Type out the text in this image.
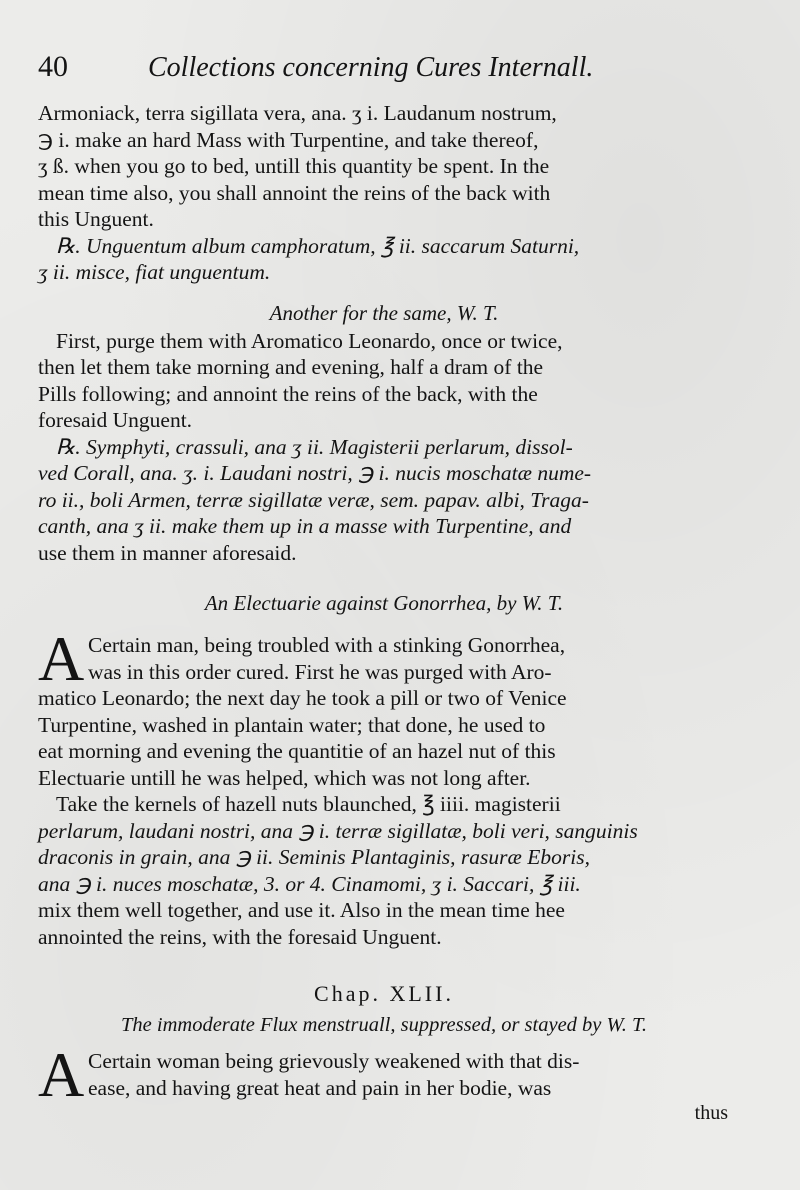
40	Collections concerning Cures Internall.
Armoniack, terra sigillata vera, ana. ʒ i. Laudanum nostrum,
℈ i. make an hard Mass with Turpentine, and take thereof,
ʒ ß. when you go to bed, untill this quantity be spent. In the
mean time also, you shall annoint the reins of the back with
this Unguent.
℞. Unguentum album camphoratum, ℥ ii. saccarum Saturni,
ʒ ii. misce, fiat unguentum.
Another for the same, W. T.
First, purge them with Aromatico Leonardo, once or twice,
then let them take morning and evening, half a dram of the
Pills following; and annoint the reins of the back, with the
foresaid Unguent.
℞. Symphyti, crassuli, ana ʒ ii. Magisterii perlarum, dissol-
ved Corall, ana. ʒ. i. Laudani nostri, ℈ i. nucis moschatæ nume-
ro ii., boli Armen, terræ sigillatæ veræ, sem. papav. albi, Traga-
canth, ana ʒ ii. make them up in a masse with Turpentine, and
use them in manner aforesaid.
An Electuarie against Gonorrhea, by W. T.
A Certain man, being troubled with a stinking Gonorrhea,
was in this order cured. First he was purged with Aro-
matico Leonardo; the next day he took a pill or two of Venice
Turpentine, washed in plantain water; that done, he used to
eat morning and evening the quantitie of an hazel nut of this
Electuarie untill he was helped, which was not long after.
Take the kernels of hazell nuts blaunched, ℥ iiii. magisterii
perlarum, laudani nostri, ana ℈ i. terræ sigillatæ, boli veri, sanguinis
draconis in grain, ana ℈ ii. Seminis Plantaginis, rasuræ Eboris,
ana ℈ i. nuces moschatæ, 3. or 4. Cinamomi, ʒ i. Saccari, ℥ iii.
mix them well together, and use it. Also in the mean time hee
annointed the reins, with the foresaid Unguent.
Chap. XLII.
The immoderate Flux menstruall, suppressed, or stayed by W. T.
A Certain woman being grievously weakened with that dis-
ease, and having great heat and pain in her bodie, was
thus
